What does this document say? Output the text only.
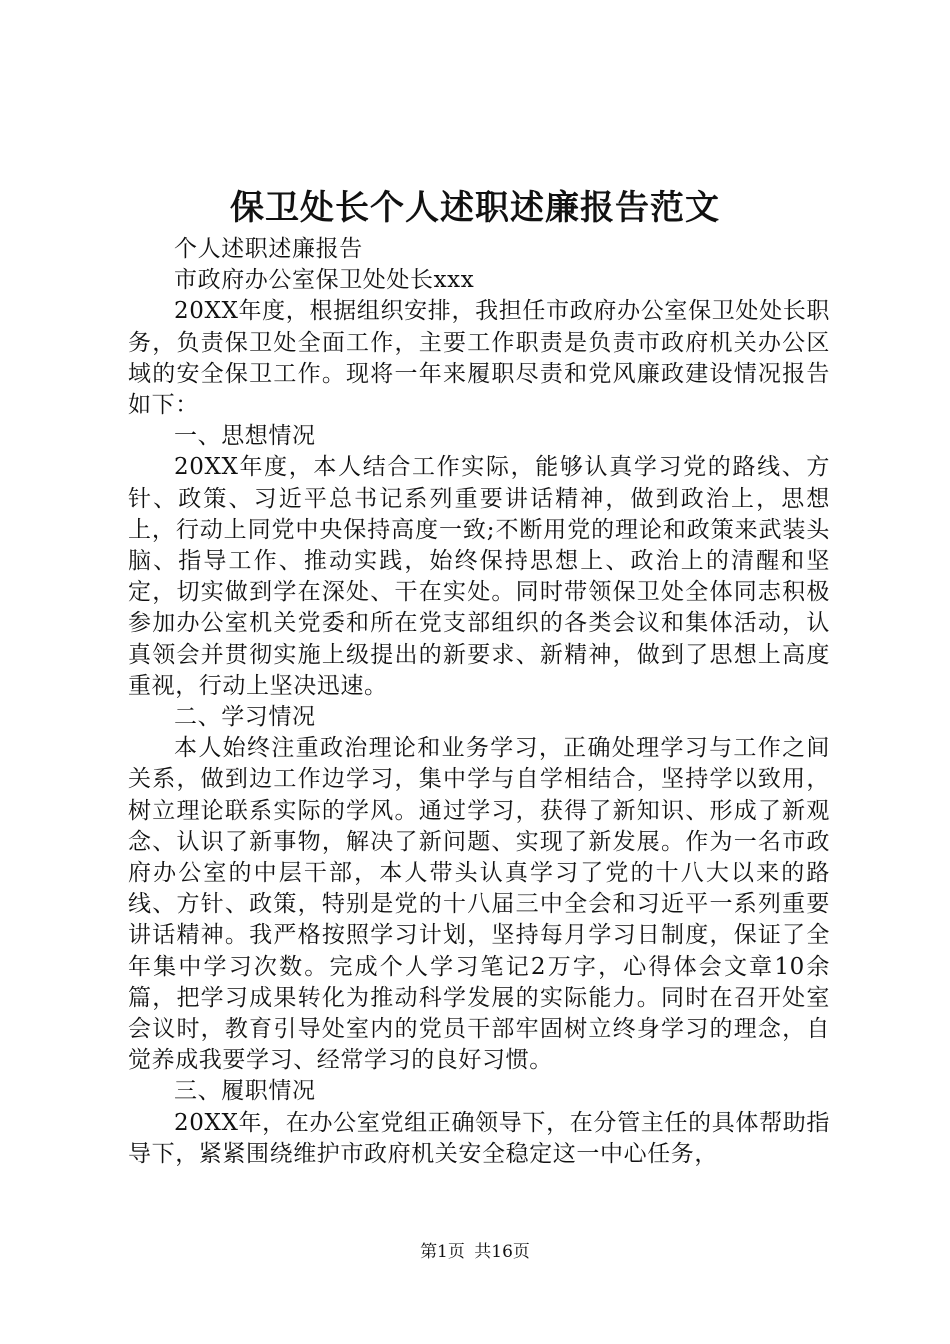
保卫处长个人述职述廉报告范文

个人述职述廉报告

市政府办公室保卫处处长xxx

20XX年度，根据组织安排，我担任市政府办公室保卫处处长职务，负责保卫处全面工作，主要工作职责是负责市政府机关办公区域的安全保卫工作。现将一年来履职尽责和党风廉政建设情况报告如下：

一、思想情况

20XX年度，本人结合工作实际，能够认真学习党的路线、方针、政策、习近平总书记系列重要讲话精神，做到政治上，思想上，行动上同党中央保持高度一致;不断用党的理论和政策来武装头脑、指导工作、推动实践，始终保持思想上、政治上的清醒和坚定，切实做到学在深处、干在实处。同时带领保卫处全体同志积极参加办公室机关党委和所在党支部组织的各类会议和集体活动，认真领会并贯彻实施上级提出的新要求、新精神，做到了思想上高度重视，行动上坚决迅速。

二、学习情况

本人始终注重政治理论和业务学习，正确处理学习与工作之间关系，做到边工作边学习，集中学与自学相结合，坚持学以致用，树立理论联系实际的学风。通过学习，获得了新知识、形成了新观念、认识了新事物，解决了新问题、实现了新发展。作为一名市政府办公室的中层干部，本人带头认真学习了党的十八大以来的路线、方针、政策，特别是党的十八届三中全会和习近平一系列重要讲话精神。我严格按照学习计划，坚持每月学习日制度，保证了全年集中学习次数。完成个人学习笔记2万字，心得体会文章10余篇，把学习成果转化为推动科学发展的实际能力。同时在召开处室会议时，教育引导处室内的党员干部牢固树立终身学习的理念，自觉养成我要学习、经常学习的良好习惯。

三、履职情况

20XX年，在办公室党组正确领导下，在分管主任的具体帮助指导下，紧紧围绕维护市政府机关安全稳定这一中心任务，

第1页 共16页
